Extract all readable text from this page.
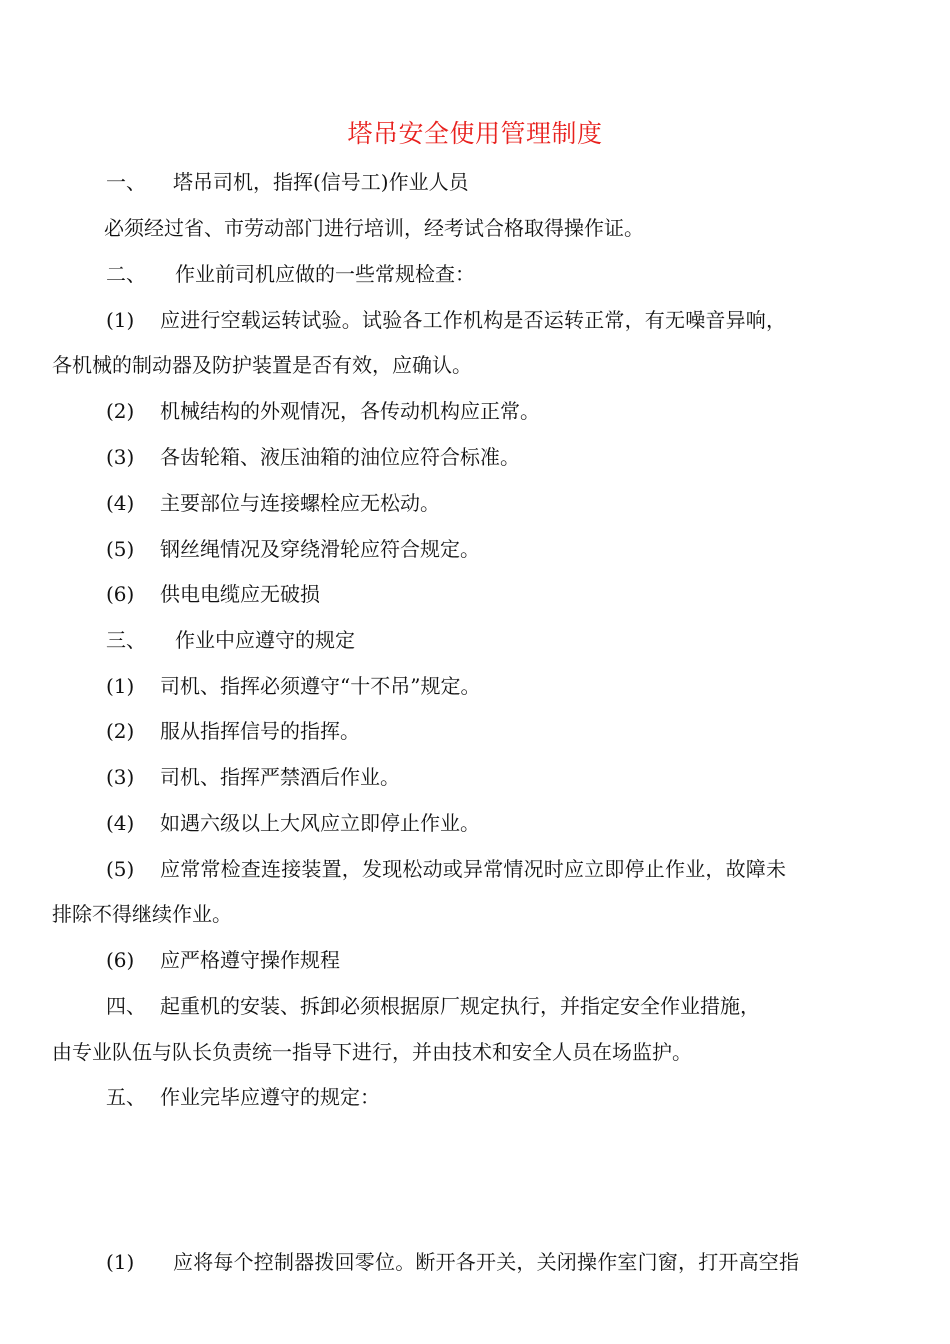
塔吊安全使用管理制度
一、 塔吊司机，指挥(信号工)作业人员
必须经过省、市劳动部门进行培训，经考试合格取得操作证。
二、 作业前司机应做的一些常规检查：
(1) 应进行空载运转试验。试验各工作机构是否运转正常，有无噪音异响，
各机械的制动器及防护装置是否有效，应确认。
(2) 机械结构的外观情况，各传动机构应正常。
(3) 各齿轮箱、液压油箱的油位应符合标准。
(4) 主要部位与连接螺栓应无松动。
(5) 钢丝绳情况及穿绕滑轮应符合规定。
(6) 供电电缆应无破损
三、 作业中应遵守的规定
(1) 司机、指挥必须遵守“十不吊”规定。
(2) 服从指挥信号的指挥。
(3) 司机、指挥严禁酒后作业。
(4) 如遇六级以上大风应立即停止作业。
(5) 应常常检查连接装置，发现松动或异常情况时应立即停止作业，故障未
排除不得继续作业。
(6) 应严格遵守操作规程
四、 起重机的安装、拆卸必须根据原厂规定执行，并指定安全作业措施，
由专业队伍与队长负责统一指导下进行，并由技术和安全人员在场监护。
五、 作业完毕应遵守的规定：
(1) 应将每个控制器拨回零位。断开各开关，关闭操作室门窗，打开高空指
